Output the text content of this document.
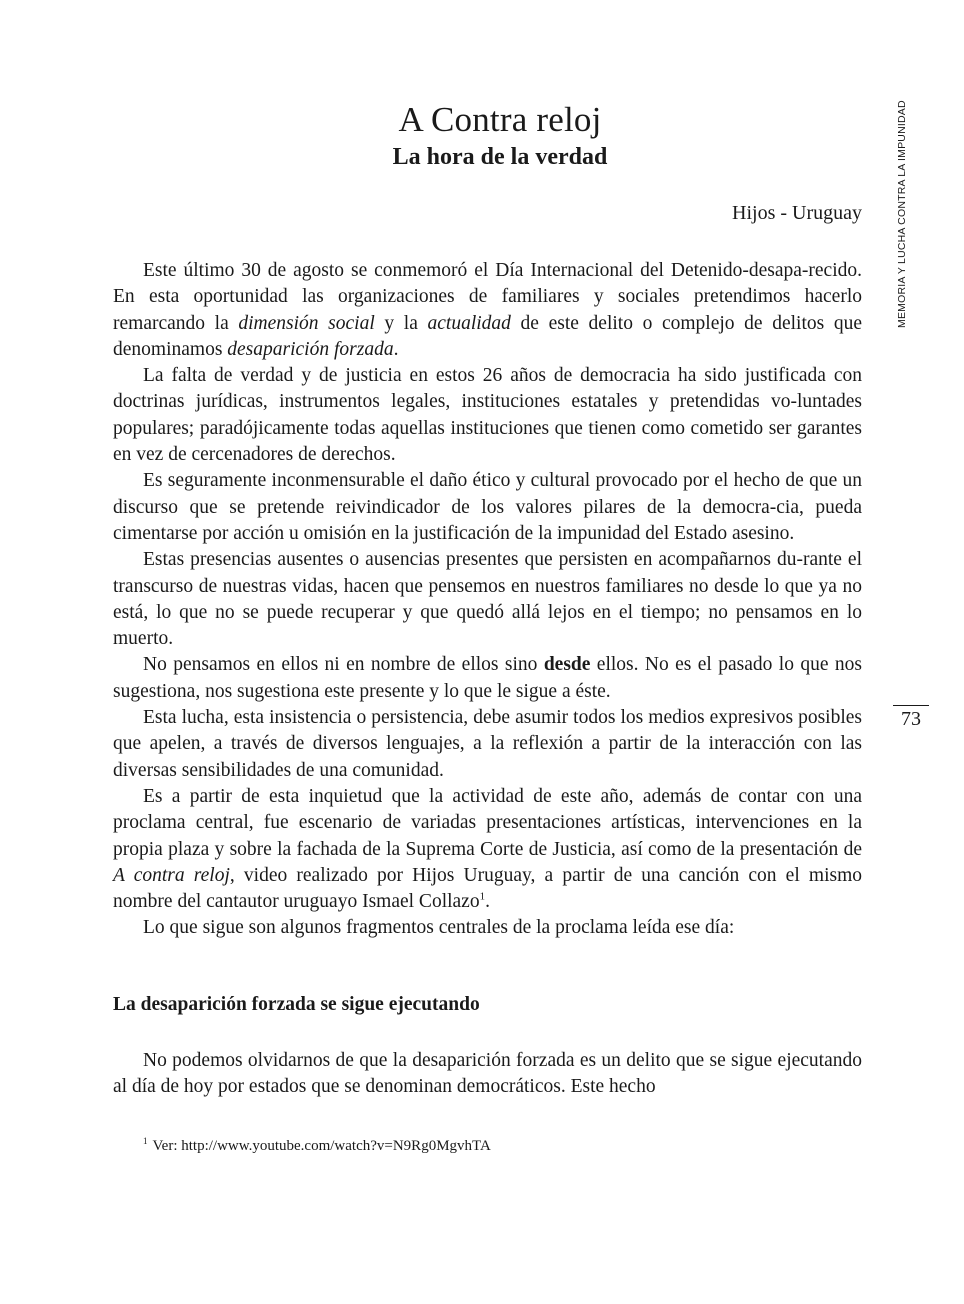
A Contra reloj
La hora de la verdad

Hijos - Uruguay	MEMORIA Y LUCHA CONTRA LA IMPUNIDAD

73

Este último 30 de agosto se conmemoró el Día Internacional del Detenido-desapa-recido. En esta oportunidad las organizaciones de familiares y sociales pretendimos hacerlo remarcando la dimensión social y la actualidad de este delito o complejo de delitos que denominamos desaparición forzada.

La falta de verdad y de justicia en estos 26 años de democracia ha sido justificada con doctrinas jurídicas, instrumentos legales, instituciones estatales y pretendidas vo-luntades populares; paradójicamente todas aquellas instituciones que tienen como cometido ser garantes en vez de cercenadores de derechos.

Es seguramente inconmensurable el daño ético y cultural provocado por el hecho de que un discurso que se pretende reivindicador de los valores pilares de la democra-cia, pueda cimentarse por acción u omisión en la justificación de la impunidad del Estado asesino.

Estas presencias ausentes o ausencias presentes que persisten en acompañarnos du-rante el transcurso de nuestras vidas, hacen que pensemos en nuestros familiares no desde lo que ya no está, lo que no se puede recuperar y que quedó allá lejos en el tiempo; no pensamos en lo muerto.

No pensamos en ellos ni en nombre de ellos sino desde ellos. No es el pasado lo que nos sugestiona, nos sugestiona este presente y lo que le sigue a éste.

Esta lucha, esta insistencia o persistencia, debe asumir todos los medios expresivos posibles que apelen, a través de diversos lenguajes, a la reflexión a partir de la interacción con las diversas sensibilidades de una comunidad.

Es a partir de esta inquietud que la actividad de este año, además de contar con una proclama central, fue escenario de variadas presentaciones artísticas, intervenciones en la propia plaza y sobre la fachada de la Suprema Corte de Justicia, así como de la presentación de A contra reloj, video realizado por Hijos Uruguay, a partir de una canción con el mismo nombre del cantautor uruguayo Ismael Collazo$^1$.

Lo que sigue son algunos fragmentos centrales de la proclama leída ese día:

La desaparición forzada se sigue ejecutando

No podemos olvidarnos de que la desaparición forzada es un delito que se sigue ejecutando al día de hoy por estados que se denominan democráticos. Este hecho

$^1$ Ver: http://www.youtube.com/watch?v=N9Rg0MgvhTA
